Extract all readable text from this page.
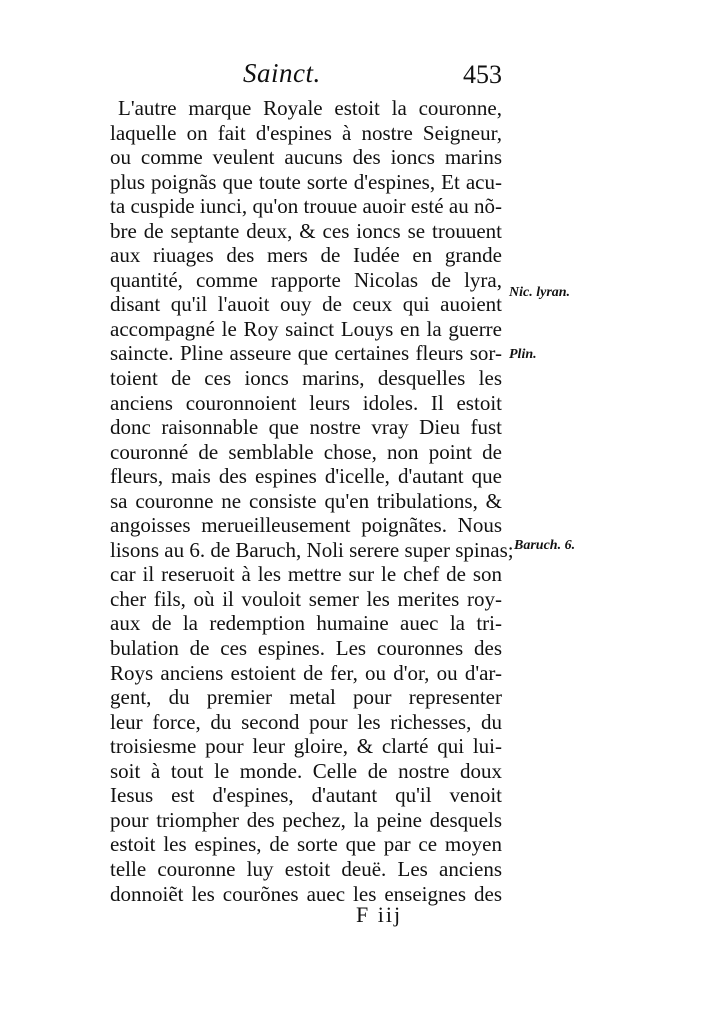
Sainct.	453
L'autre marque Royale estoit la couronne,
laquelle on fait d'espines à nostre Seigneur,
ou comme veulent aucuns des ioncs marins
plus poignãs que toute sorte d'espines, Et acu-
ta cuspide iunci, qu'on trouue auoir esté au nõ-
bre de septante deux, & ces ioncs se trouuent
aux riuages des mers de Iudée en grande
quantité, comme rapporte Nicolas de lyra,
disant qu'il l'auoit ouy de ceux qui auoient
accompagné le Roy sainct Louys en la guerre
saincte. Pline asseure que certaines fleurs sor-
toient de ces ioncs marins, desquelles les
anciens couronnoient leurs idoles. Il estoit
donc raisonnable que nostre vray Dieu fust
couronné de semblable chose, non point de
fleurs, mais des espines d'icelle, d'autant que
sa couronne ne consiste qu'en tribulations, &
angoisses merueilleusement poignãtes. Nous
lisons au 6. de Baruch, Noli serere super spinas;
car il reseruoit à les mettre sur le chef de son
cher fils, où il vouloit semer les merites roy-
aux de la redemption humaine auec la tri-
bulation de ces espines. Les couronnes des
Roys anciens estoient de fer, ou d'or, ou d'ar-
gent, du premier metal pour representer
leur force, du second pour les richesses, du
troisiesme pour leur gloire, & clarté qui lui-
soit à tout le monde. Celle de nostre doux
Iesus est d'espines, d'autant qu'il venoit
pour triompher des pechez, la peine desquels
estoit les espines, de sorte que par ce moyen
telle couronne luy estoit deuë. Les anciens
donnoiẽt les courõnes auec les enseignes des
Nic. lyran.
Plin.
Baruch. 6.
F iij
